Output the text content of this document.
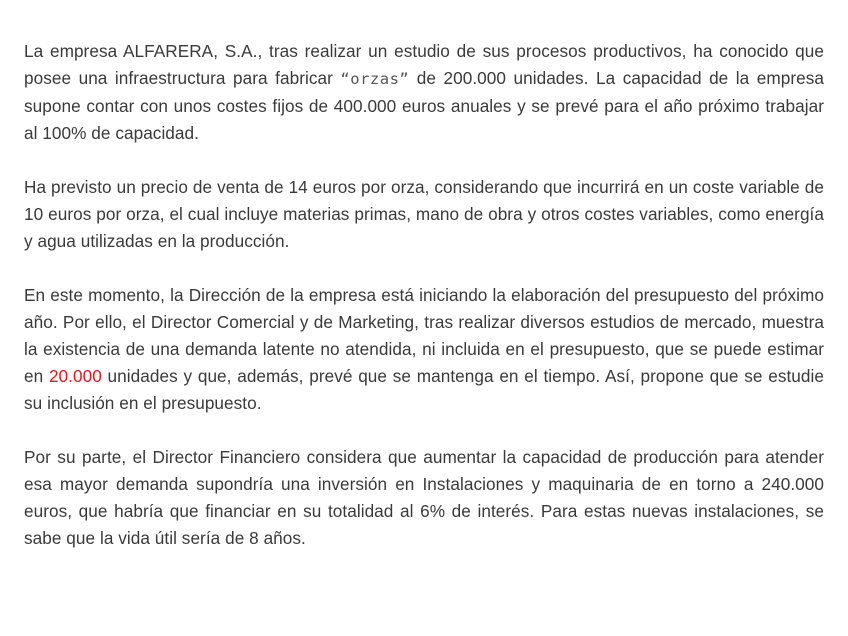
La empresa ALFARERA, S.A., tras realizar un estudio de sus procesos productivos, ha conocido que posee una infraestructura para fabricar “orzas” de 200.000 unidades. La capacidad de la empresa supone contar con unos costes fijos de 400.000 euros anuales y se prevé para el año próximo trabajar al 100% de capacidad.

Ha previsto un precio de venta de 14 euros por orza, considerando que incurrirá en un coste variable de 10 euros por orza, el cual incluye materias primas, mano de obra y otros costes variables, como energía y agua utilizadas en la producción.

En este momento, la Dirección de la empresa está iniciando la elaboración del presupuesto del próximo año. Por ello, el Director Comercial y de Marketing, tras realizar diversos estudios de mercado, muestra la existencia de una demanda latente no atendida, ni incluida en el presupuesto, que se puede estimar en 20.000 unidades y que, además, prevé que se mantenga en el tiempo. Así, propone que se estudie su inclusión en el presupuesto.

Por su parte, el Director Financiero considera que aumentar la capacidad de producción para atender esa mayor demanda supondría una inversión en Instalaciones y maquinaria de en torno a 240.000 euros, que habría que financiar en su totalidad al 6% de interés. Para estas nuevas instalaciones, se sabe que la vida útil sería de 8 años.
